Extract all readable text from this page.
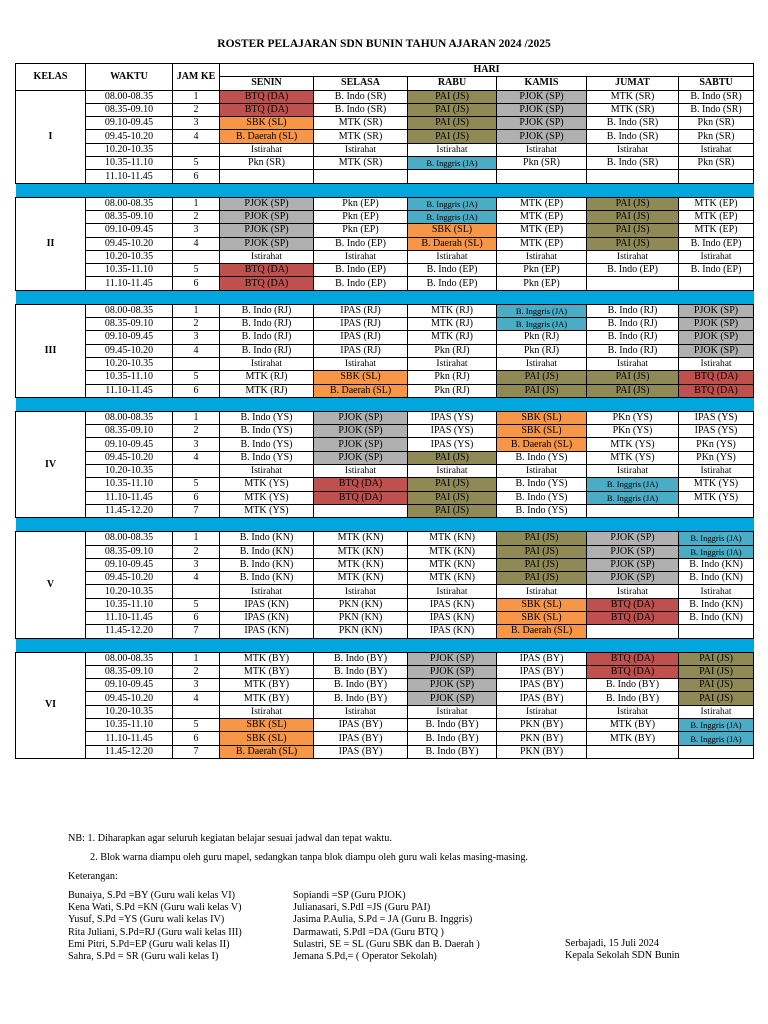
ROSTER PELAJARAN SDN BUNIN TAHUN AJARAN 2024 /2025
KELAS	WAKTU	JAM KE	HARI					
			SENIN	SELASA	RABU	KAMIS	JUMAT	SABTU
I	08.00-08.35	1	BTQ (DA)	B. Indo (SR)	PAI (JS)	PJOK (SP)	MTK (SR)	B. Indo (SR)
	08.35-09.10	2	BTQ (DA)	B. Indo (SR)	PAI (JS)	PJOK (SP)	MTK (SR)	B. Indo (SR)
	09.10-09.45	3	SBK (SL)	MTK (SR)	PAI (JS)	PJOK (SP)	B. Indo (SR)	Pkn (SR)
	09.45-10.20	4	B. Daerah (SL)	MTK (SR)	PAI (JS)	PJOK (SP)	B. Indo (SR)	Pkn (SR)
	10.20-10.35		Istirahat	Istirahat	Istirahat	Istirahat	Istirahat	Istirahat
	10.35-11.10	5	Pkn (SR)	MTK (SR)	B. Inggris (JA)	Pkn (SR)	B. Indo (SR)	Pkn (SR)
	11.10-11.45	6						

II	08.00-08.35	1	PJOK (SP)	Pkn (EP)	B. Inggris (JA)	MTK (EP)	PAI (JS)	MTK (EP)
	08.35-09.10	2	PJOK (SP)	Pkn (EP)	B. Inggris (JA)	MTK (EP)	PAI (JS)	MTK (EP)
	09.10-09.45	3	PJOK (SP)	Pkn (EP)	SBK (SL)	MTK (EP)	PAI (JS)	MTK (EP)
	09.45-10.20	4	PJOK (SP)	B. Indo (EP)	B. Daerah (SL)	MTK (EP)	PAI (JS)	B. Indo (EP)
	10.20-10.35		Istirahat	Istirahat	Istirahat	Istirahat	Istirahat	Istirahat
	10.35-11.10	5	BTQ (DA)	B. Indo (EP)	B. Indo (EP)	Pkn (EP)	B. Indo (EP)	B. Indo (EP)
	11.10-11.45	6	BTQ (DA)	B. Indo (EP)	B. Indo (EP)	Pkn (EP)		

III	08.00-08.35	1	B. Indo (RJ)	IPAS (RJ)	MTK (RJ)	B. Inggris (JA)	B. Indo (RJ)	PJOK (SP)
	08.35-09.10	2	B. Indo (RJ)	IPAS (RJ)	MTK (RJ)	B. Inggris (JA)	B. Indo (RJ)	PJOK (SP)
	09.10-09.45	3	B. Indo (RJ)	IPAS (RJ)	MTK (RJ)	Pkn (RJ)	B. Indo (RJ)	PJOK (SP)
	09.45-10.20	4	B. Indo (RJ)	IPAS (RJ)	Pkn (RJ)	Pkn (RJ)	B. Indo (RJ)	PJOK (SP)
	10.20-10.35		Istirahat	Istirahat	Istirahat	Istirahat	Istirahat	Istirahat
	10.35-11.10	5	MTK (RJ)	SBK (SL)	Pkn (RJ)	PAI (JS)	PAI (JS)	BTQ (DA)
	11.10-11.45	6	MTK (RJ)	B. Daerah (SL)	Pkn (RJ)	PAI (JS)	PAI (JS)	BTQ (DA)

IV	08.00-08.35	1	B. Indo (YS)	PJOK (SP)	IPAS (YS)	SBK (SL)	PKn (YS)	IPAS (YS)
	08.35-09.10	2	B. Indo (YS)	PJOK (SP)	IPAS (YS)	SBK (SL)	PKn (YS)	IPAS (YS)
	09.10-09.45	3	B. Indo (YS)	PJOK (SP)	IPAS (YS)	B. Daerah (SL)	MTK (YS)	PKn (YS)
	09.45-10.20	4	B. Indo (YS)	PJOK (SP)	PAI (JS)	B. Indo (YS)	MTK (YS)	PKn (YS)
	10.20-10.35		Istirahat	Istirahat	Istirahat	Istirahat	Istirahat	Istirahat
	10.35-11.10	5	MTK (YS)	BTQ (DA)	PAI (JS)	B. Indo (YS)	B. Inggris (JA)	MTK (YS)
	11.10-11.45	6	MTK (YS)	BTQ (DA)	PAI (JS)	B. Indo (YS)	B. Inggris (JA)	MTK (YS)
	11.45-12.20	7	MTK (YS)		PAI (JS)	B. Indo (YS)		

V	08.00-08.35	1	B. Indo (KN)	MTK (KN)	MTK (KN)	PAI (JS)	PJOK (SP)	B. Inggris (JA)
	08.35-09.10	2	B. Indo (KN)	MTK (KN)	MTK (KN)	PAI (JS)	PJOK (SP)	B. Inggris (JA)
	09.10-09.45	3	B. Indo (KN)	MTK (KN)	MTK (KN)	PAI (JS)	PJOK (SP)	B. Indo (KN)
	09.45-10.20	4	B. Indo (KN)	MTK (KN)	MTK (KN)	PAI (JS)	PJOK (SP)	B. Indo (KN)
	10.20-10.35		Istirahat	Istirahat	Istirahat	Istirahat	Istirahat	Istirahat
	10.35-11.10	5	IPAS (KN)	PKN (KN)	IPAS (KN)	SBK (SL)	BTQ (DA)	B. Indo (KN)
	11.10-11.45	6	IPAS (KN)	PKN (KN)	IPAS (KN)	SBK (SL)	BTQ (DA)	B. Indo (KN)
	11.45-12.20	7	IPAS (KN)	PKN (KN)	IPAS (KN)	B. Daerah (SL)		

VI	08.00-08.35	1	MTK (BY)	B. Indo (BY)	PJOK (SP)	IPAS (BY)	BTQ (DA)	PAI (JS)
	08.35-09.10	2	MTK (BY)	B. Indo (BY)	PJOK (SP)	IPAS (BY)	BTQ (DA)	PAI (JS)
	09.10-09.45	3	MTK (BY)	B. Indo (BY)	PJOK (SP)	IPAS (BY)	B. Indo (BY)	PAI (JS)
	09.45-10.20	4	MTK (BY)	B. Indo (BY)	PJOK (SP)	IPAS (BY)	B. Indo (BY)	PAI (JS)
	10.20-10.35		Istirahat	Istirahat	Istirahat	Istirahat	Istirahat	Istirahat
	10.35-11.10	5	SBK (SL)	IPAS (BY)	B. Indo (BY)	PKN (BY)	MTK (BY)	B. Inggris (JA)
	11.10-11.45	6	SBK (SL)	IPAS (BY)	B. Indo (BY)	PKN (BY)	MTK (BY)	B. Inggris (JA)
	11.45-12.20	7	B. Daerah (SL)	IPAS (BY)	B. Indo (BY)	PKN (BY)		

NB: 1. Diharapkan agar seluruh kegiatan belajar sesuai jadwal dan tepat waktu.

2. Blok warna diampu oleh guru mapel, sedangkan tanpa blok diampu oleh guru wali kelas masing-masing.

Keterangan:

Bunaiya, S.Pd =BY (Guru wali kelas VI)
Kena Wati, S.Pd =KN (Guru wali kelas V)
Yusuf, S.Pd =YS (Guru wali kelas IV)
Rita Juliani, S.Pd=RJ (Guru wali kelas III)
Emi Pitri, S.Pd=EP (Guru wali kelas II)
Sahra, S.Pd = SR (Guru wali kelas I)
Sopiandi =SP (Guru PJOK)
Julianasari, S.PdI =JS (Guru PAI)
Jasima P.Aulia, S.Pd = JA (Guru B. Inggris)
Darmawati, S.PdI =DA (Guru BTQ )
Sulastri, SE = SL (Guru SBK dan B. Daerah )
Jemana S.Pd,= ( Operator Sekolah)
Serbajadi, 15 Juli 2024
Kepala Sekolah SDN Bunin
